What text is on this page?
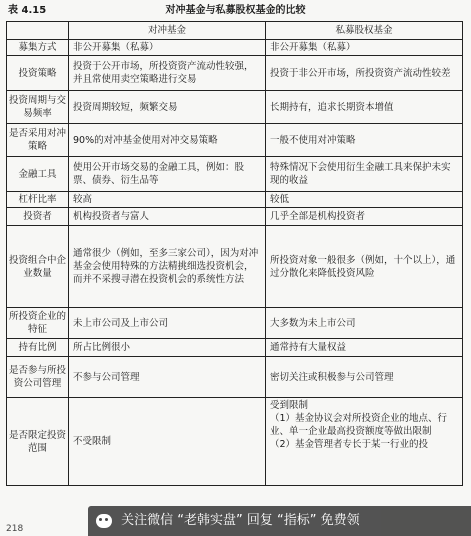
表 4.15	对冲基金与私募股权基金的比较
	对冲基金	私募股权基金
募集方式	非公开募集（私募）	非公开募集（私募）
投资策略	投资于公开市场，所投资资产流动性较强，并且常使用卖空策略进行交易	投资于非公开市场，所投资资产流动性较差
投资周期与交易频率	投资周期较短，频繁交易	长期持有，追求长期资本增值
是否采用对冲策略	90%的对冲基金使用对冲交易策略	一般不使用对冲策略
金融工具	使用公开市场交易的金融工具，例如：股票、债券、衍生品等	特殊情况下会使用衍生金融工具来保护未实现的收益
杠杆比率	较高	较低
投资者	机构投资者与富人	几乎全部是机构投资者
投资组合中企业数量	通常很少（例如，至多三家公司），因为对冲基金会使用特殊的方法精挑细选投资机会，而并不采搜寻潜在投资机会的系统性方法	所投资对象一般很多（例如，十个以上），通过分散化来降低投资风险
所投资企业的特征	未上市公司及上市公司	大多数为未上市公司
持有比例	所占比例很小	通常持有大量权益
是否参与所投资公司管理	不参与公司管理	密切关注或积极参与公司管理
是否限定投资范围	不受限制	受到限制
（1）基金协议会对所投资企业的地点、行业、单一企业最高投资额度等做出限制
（2）基金管理者专长于某一行业的投
218
关注微信 “老韩实盘” 回复 “指标” 免费领
